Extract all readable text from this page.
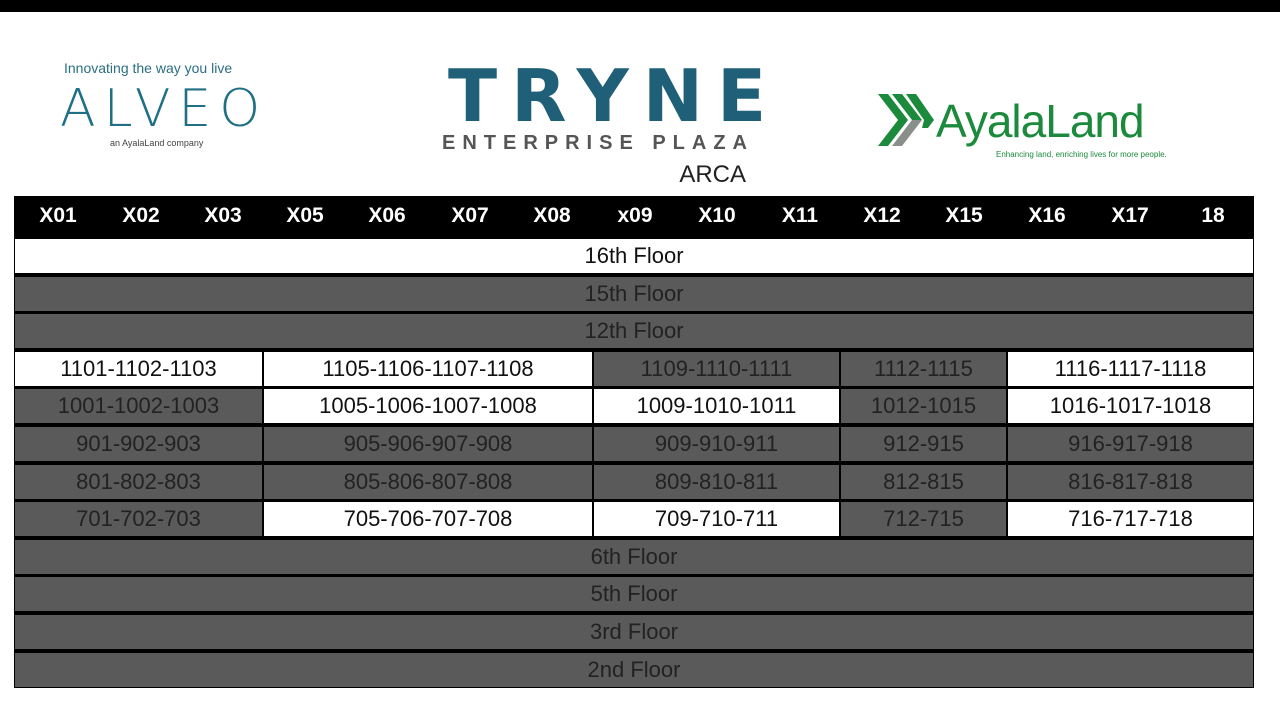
Innovating the way you live
ALVEO
an AyalaLand company
TRYNE
ENTERPRISE PLAZA
ARCA
AyalaLand
Enhancing land, enriching lives for more people.
X01 X02 X03 X05 X06 X07 X08 x09 X10 X11 X12 X15 X16 X17	18
16th Floor
15th Floor
12th Floor
1101-1102-1103	1105-1106-1107-1108	1109-1110-1111	1112-1115	1116-1117-1118
1001-1002-1003	1005-1006-1007-1008	1009-1010-1011	1012-1015	1016-1017-1018
901-902-903	905-906-907-908	909-910-911	912-915	916-917-918
801-802-803	805-806-807-808	809-810-811	812-815	816-817-818
701-702-703	705-706-707-708	709-710-711	712-715	716-717-718
6th Floor
5th Floor
3rd Floor
2nd Floor
